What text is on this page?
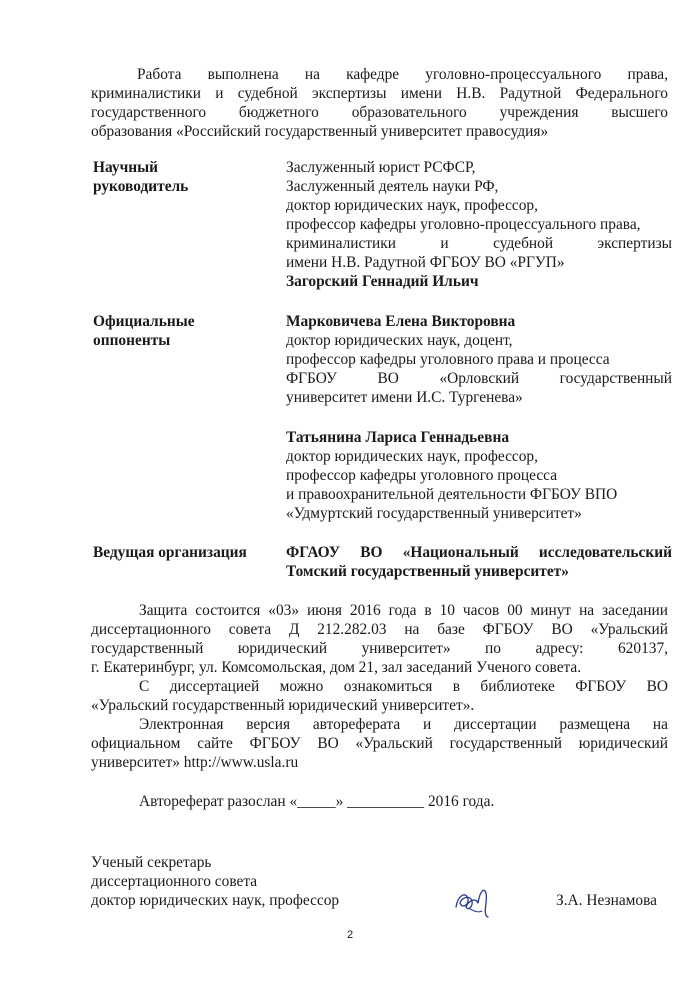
Работа выполнена на кафедре уголовно-процессуального права,
криминалистики и судебной экспертизы имени Н.В. Радутной Федерального
государственного бюджетного образовательного учреждения высшего
образования «Российский государственный университет правосудия»
Научный
руководитель
Заслуженный юрист РСФСР,
Заслуженный деятель науки РФ,
доктор юридических наук, профессор,
профессор кафедры уголовно-процессуального права,
криминалистики и судебной экспертизы
имени Н.В. Радутной ФГБОУ ВО «РГУП»
Загорский Геннадий Ильич
Официальные
оппоненты
Марковичева Елена Викторовна
доктор юридических наук, доцент,
профессор кафедры уголовного права и процесса
ФГБОУ ВО «Орловский государственный
университет имени И.С. Тургенева»
Татьянина Лариса Геннадьевна
доктор юридических наук, профессор,
профессор кафедры уголовного процесса
и правоохранительной деятельности ФГБОУ ВПО
«Удмуртский государственный университет»
Ведущая организация	ФГАОУ ВО «Национальный исследовательский
Томский государственный университет»
Защита состоится «03» июня 2016 года в 10 часов 00 минут на заседании
диссертационного совета Д 212.282.03 на базе ФГБОУ ВО «Уральский
государственный юридический университет» по адресу: 620137,
г. Екатеринбург, ул. Комсомольская, дом 21, зал заседаний Ученого совета.
С диссертацией можно ознакомиться в библиотеке ФГБОУ ВО
«Уральский государственный юридический университет».
Электронная версия автореферата и диссертации размещена на
официальном сайте ФГБОУ ВО «Уральский государственный юридический
университет» http://www.usla.ru
Автореферат разослан «_____» __________ 2016 года.
Ученый секретарь
диссертационного совета
доктор юридических наук, профессор	З.А. Незнамова
2
